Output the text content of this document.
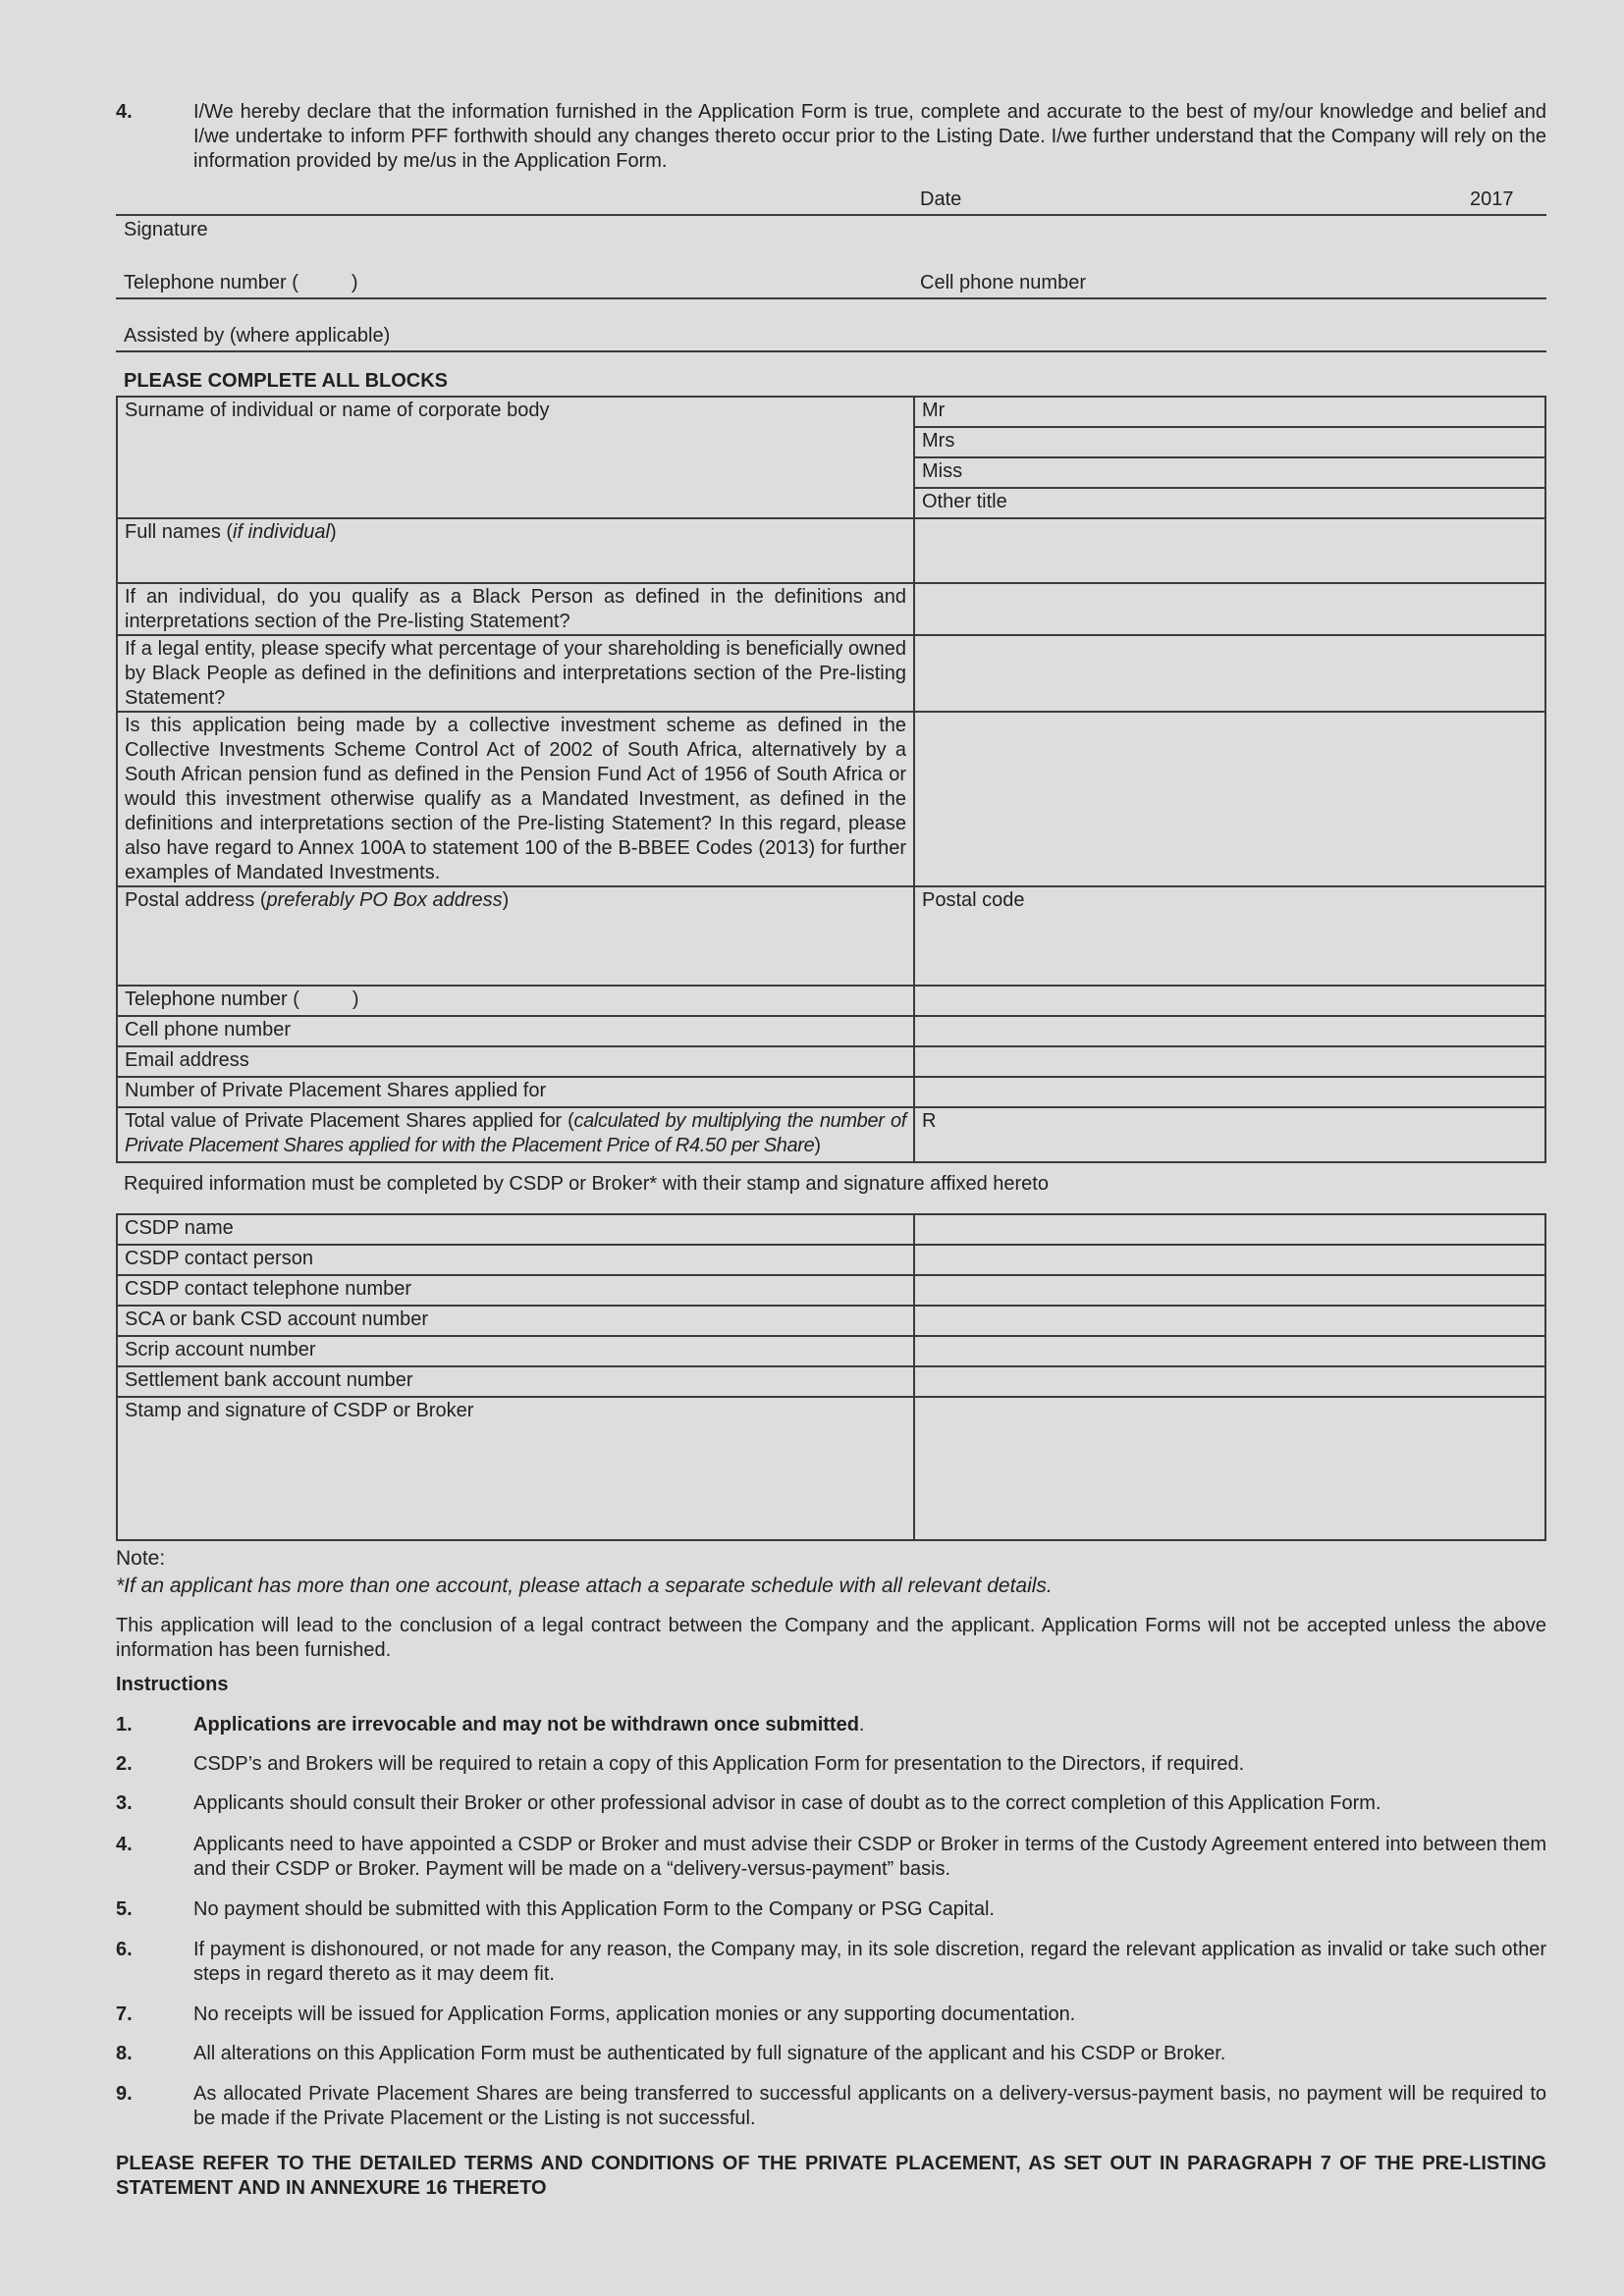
4.	I/We hereby declare that the information furnished in the Application Form is true, complete and accurate to the best of my/our knowledge and belief and I/we undertake to inform PFF forthwith should any changes thereto occur prior to the Listing Date. I/we further understand that the Company will rely on the information provided by me/us in the Application Form.
Date	2017
Signature
Telephone number (	)	Cell phone number
Assisted by (where applicable)
PLEASE COMPLETE ALL BLOCKS
Surname of individual or name of corporate body	Mr
	Mrs
	Miss
	Other title
Full names (if individual)	
If an individual, do you qualify as a Black Person as defined in the definitions and interpretations section of the Pre-listing Statement?	
If a legal entity, please specify what percentage of your shareholding is beneficially owned by Black People as defined in the definitions and interpretations section of the Pre-listing Statement?	
Is this application being made by a collective investment scheme as defined in the Collective Investments Scheme Control Act of 2002 of South Africa, alternatively by a South African pension fund as defined in the Pension Fund Act of 1956 of South Africa or would this investment otherwise qualify as a Mandated Investment, as defined in the definitions and interpretations section of the Pre-listing Statement? In this regard, please also have regard to Annex 100A to statement 100 of the B-BBEE Codes (2013) for further examples of Mandated Investments.	
Postal address (preferably PO Box address)	Postal code
Telephone number ( )	
Cell phone number	
Email address	
Number of Private Placement Shares applied for	
Total value of Private Placement Shares applied for (calculated by multiplying the number of Private Placement Shares applied for with the Placement Price of R4.50 per Share)	R
Required information must be completed by CSDP or Broker* with their stamp and signature affixed hereto
CSDP name	
CSDP contact person	
CSDP contact telephone number	
SCA or bank CSD account number	
Scrip account number	
Settlement bank account number	
Stamp and signature of CSDP or Broker	
Note:
*If an applicant has more than one account, please attach a separate schedule with all relevant details.
This application will lead to the conclusion of a legal contract between the Company and the applicant. Application Forms will not be accepted unless the above information has been furnished.
Instructions
1.	Applications are irrevocable and may not be withdrawn once submitted.
2.	CSDP’s and Brokers will be required to retain a copy of this Application Form for presentation to the Directors, if required.
3.	Applicants should consult their Broker or other professional advisor in case of doubt as to the correct completion of this Application Form.
4.	Applicants need to have appointed a CSDP or Broker and must advise their CSDP or Broker in terms of the Custody Agreement entered into between them and their CSDP or Broker. Payment will be made on a “delivery-versus-payment” basis.
5.	No payment should be submitted with this Application Form to the Company or PSG Capital.
6.	If payment is dishonoured, or not made for any reason, the Company may, in its sole discretion, regard the relevant application as invalid or take such other steps in regard thereto as it may deem fit.
7.	No receipts will be issued for Application Forms, application monies or any supporting documentation.
8.	All alterations on this Application Form must be authenticated by full signature of the applicant and his CSDP or Broker.
9.	As allocated Private Placement Shares are being transferred to successful applicants on a delivery-versus-payment basis, no payment will be required to be made if the Private Placement or the Listing is not successful.
PLEASE REFER TO THE DETAILED TERMS AND CONDITIONS OF THE PRIVATE PLACEMENT, AS SET OUT IN PARAGRAPH 7 OF THE PRE-LISTING STATEMENT AND IN ANNEXURE 16 THERETO
